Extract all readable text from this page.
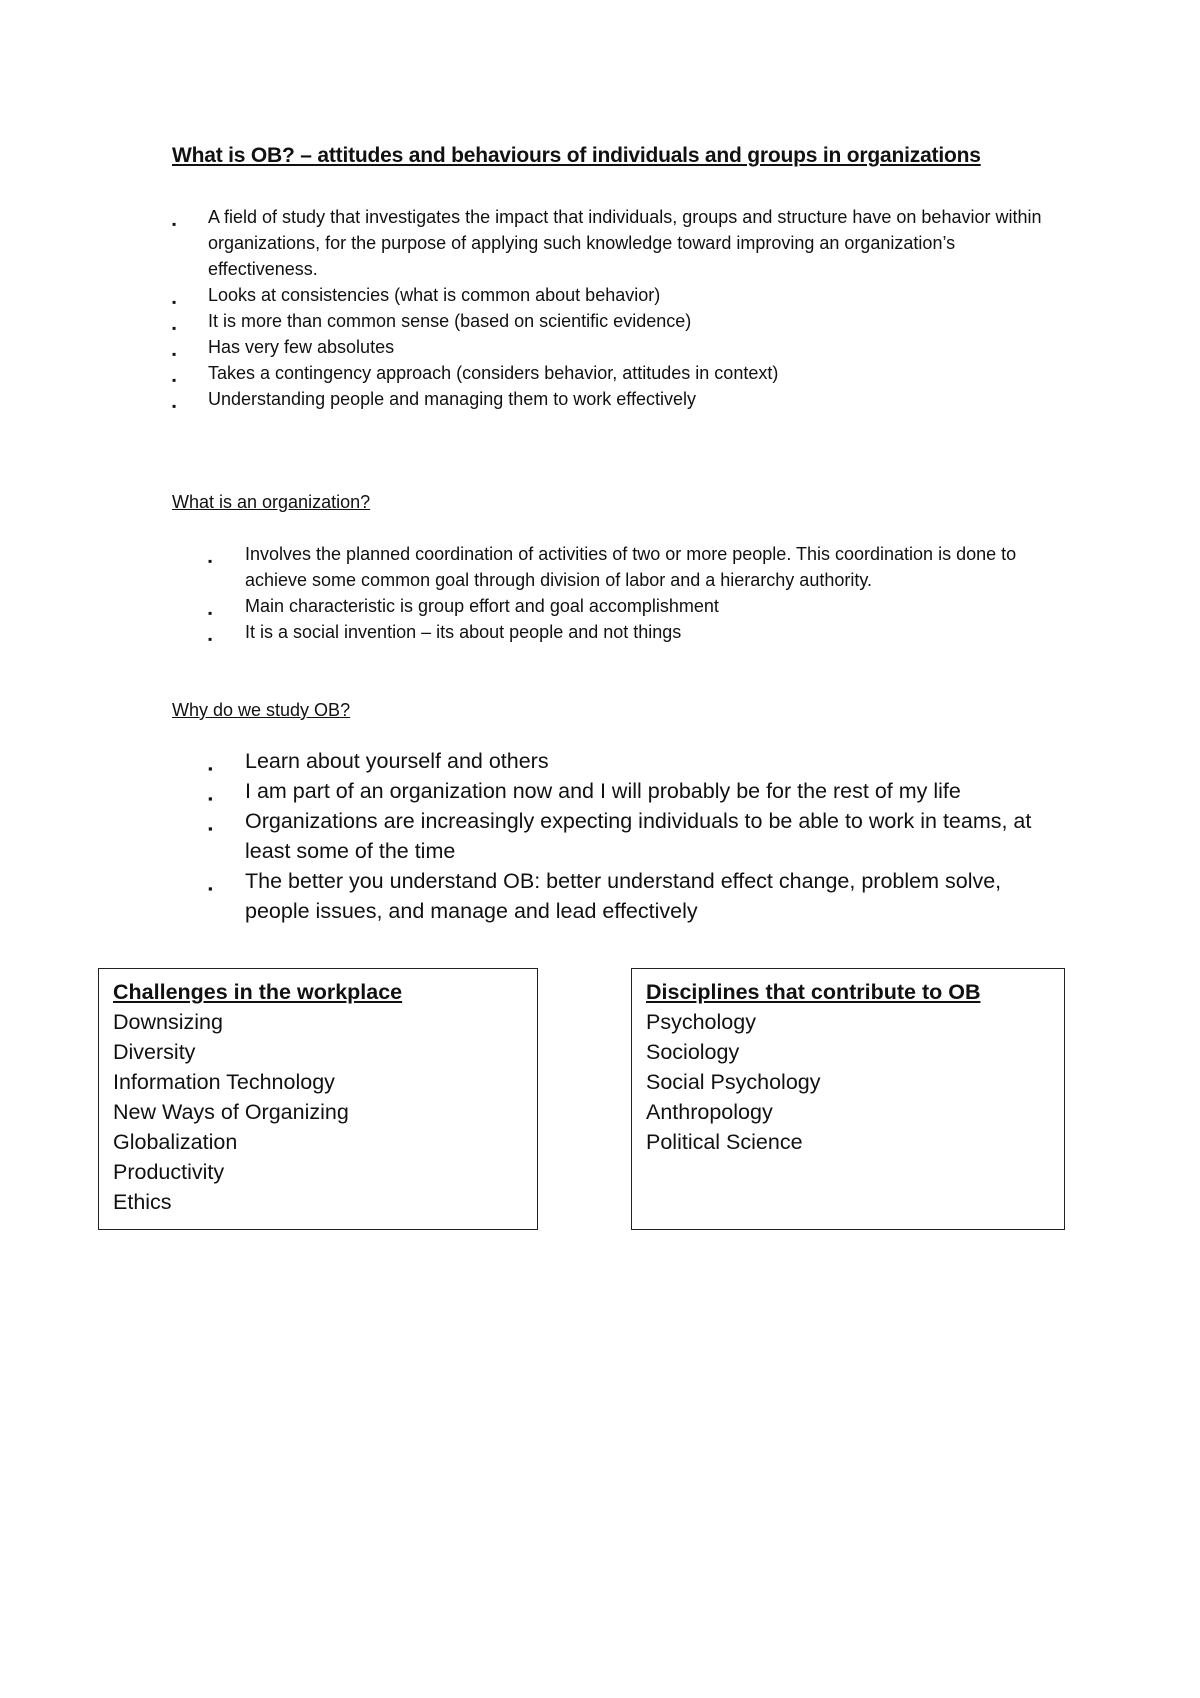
What is OB? – attitudes and behaviours of individuals and groups in organizations
▪ A field of study that investigates the impact that individuals, groups and structure have on behavior within organizations, for the purpose of applying such knowledge toward improving an organization’s effectiveness.
▪ Looks at consistencies (what is common about behavior)
▪ It is more than common sense (based on scientific evidence)
▪ Has very few absolutes
▪ Takes a contingency approach (considers behavior, attitudes in context)
▪ Understanding people and managing them to work effectively
What is an organization?
▪ Involves the planned coordination of activities of two or more people. This coordination is done to achieve some common goal through division of labor and a hierarchy authority.
▪ Main characteristic is group effort and goal accomplishment
▪ It is a social invention – its about people and not things
Why do we study OB?
▪ Learn about yourself and others
▪ I am part of an organization now and I will probably be for the rest of my life
▪ Organizations are increasingly expecting individuals to be able to work in teams, at least some of the time
▪ The better you understand OB: better understand effect change, problem solve, people issues, and manage and lead effectively
Challenges in the workplace
Downsizing
Diversity
Information Technology
New Ways of Organizing
Globalization
Productivity
Ethics
Disciplines that contribute to OB
Psychology
Sociology
Social Psychology
Anthropology
Political Science
